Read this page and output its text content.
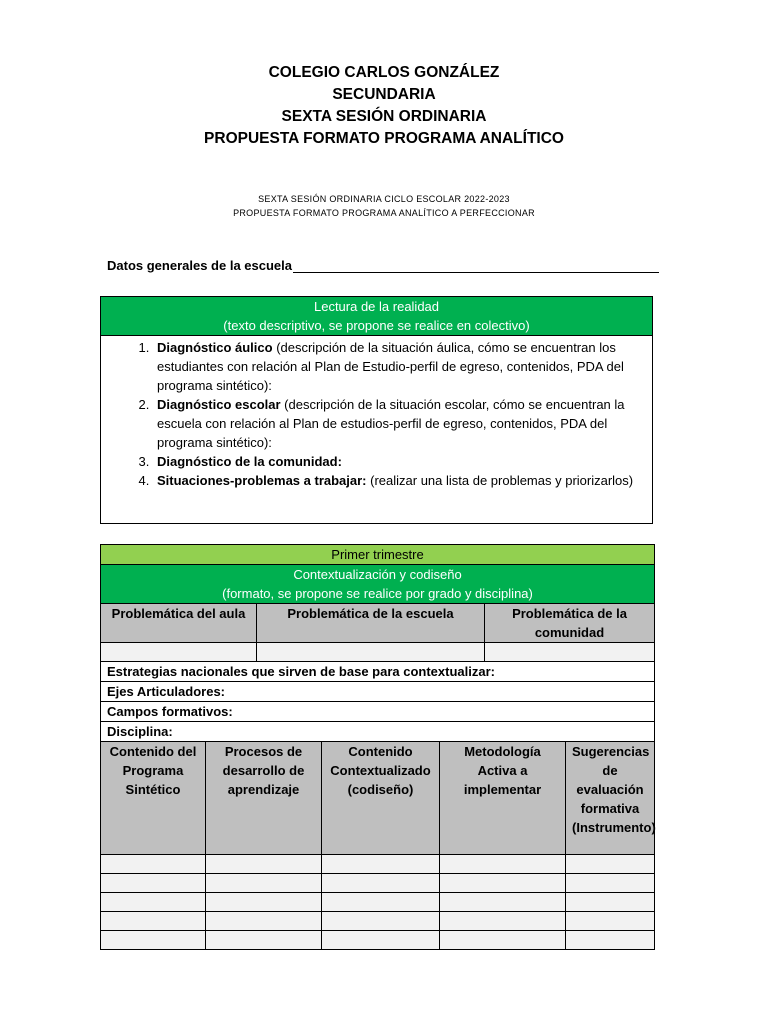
COLEGIO CARLOS GONZÁLEZ
SECUNDARIA
SEXTA SESIÓN ORDINARIA
PROPUESTA FORMATO PROGRAMA ANALÍTICO
SEXTA SESIÓN ORDINARIA CICLO ESCOLAR 2022-2023
PROPUESTA FORMATO PROGRAMA ANALÍTICO A PERFECCIONAR
Datos generales de la escuela
Lectura de la realidad
(texto descriptivo, se propone se realice en colectivo)
1. Diagnóstico áulico (descripción de la situación áulica, cómo se encuentran los estudiantes con relación al Plan de Estudio-perfil de egreso, contenidos, PDA del programa sintético):
2. Diagnóstico escolar (descripción de la situación escolar, cómo se encuentran la escuela con relación al Plan de estudios-perfil de egreso, contenidos, PDA del programa sintético):
3. Diagnóstico de la comunidad:
4. Situaciones-problemas a trabajar: (realizar una lista de problemas y priorizarlos)
Primer trimestre						

Contextualización y codiseño
(formato, se propone se realice por grado y disciplina)						

Problemática del aula		Problemática de la escuela			Problemática de la comunidad	

Estrategias nacionales que sirven de base para contextualizar:						
Ejes Articuladores:						
Campos formativos:						
Disciplina:						
Contenido del Programa Sintético	Procesos de desarrollo de aprendizaje		Contenido Contextualizado (codiseño)	Metodología Activa a implementar		Sugerencias de evaluación formativa (Instrumento)
